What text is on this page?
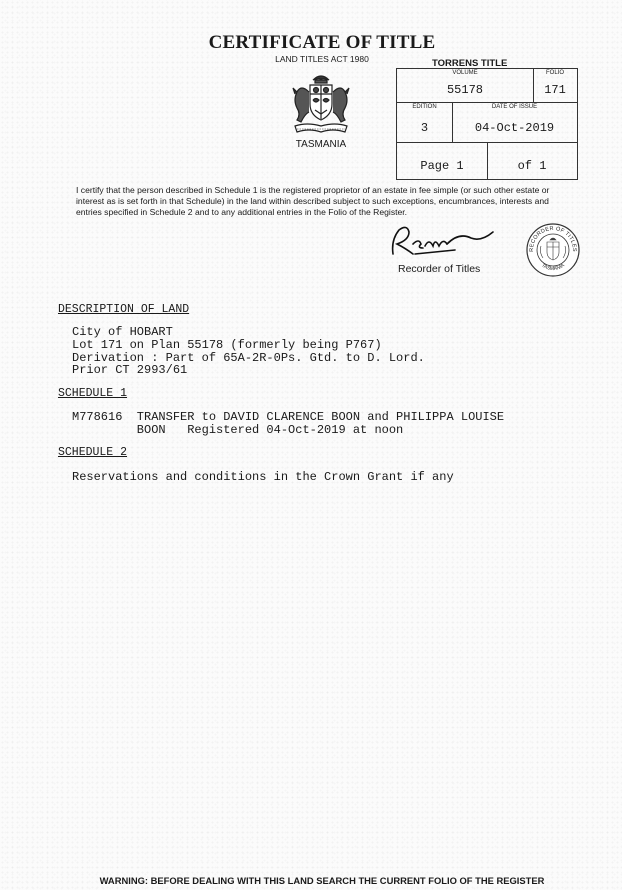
CERTIFICATE OF TITLE
LAND TITLES ACT 1980
TASMANIA
TORRENS TITLE
VOLUME
55178
FOLIO
171
EDITION
3
DATE OF ISSUE
04-Oct-2019
Page 1	of 1
I certify that the person described in Schedule 1 is the registered proprietor of an estate in fee simple (or such other estate or interest as is set forth in that Schedule) in the land within described subject to such exceptions, encumbrances, interests and entries specified in Schedule 2 and to any additional entries in the Folio of the Register.
Recorder of Titles
RECORDER OF TITLES
TASMANIA
DESCRIPTION OF LAND
City of HOBART
Lot 171 on Plan 55178 (formerly being P767)
Derivation : Part of 65A-2R-0Ps. Gtd. to D. Lord.
Prior CT 2993/61
SCHEDULE 1
M778616  TRANSFER to DAVID CLARENCE BOON and PHILIPPA LOUISE
BOON   Registered 04-Oct-2019 at noon
SCHEDULE 2
Reservations and conditions in the Crown Grant if any
WARNING: BEFORE DEALING WITH THIS LAND SEARCH THE CURRENT FOLIO OF THE REGISTER
